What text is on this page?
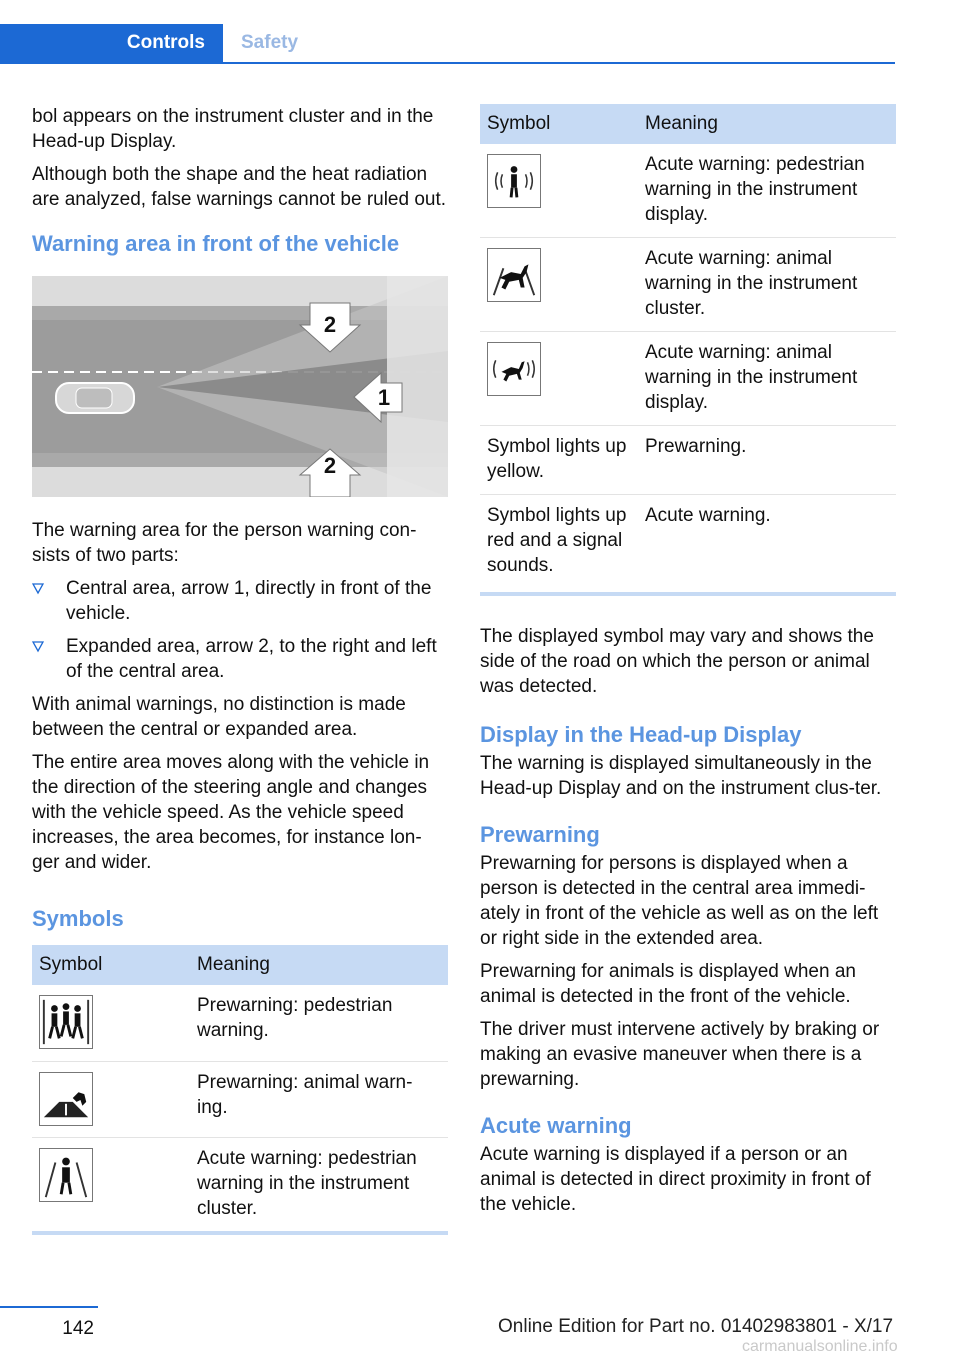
Controls	Safety

bol appears on the instrument cluster and in the Head-up Display.

Although both the shape and the heat radiation are analyzed, false warnings cannot be ruled out.

Warning area in front of the vehicle
2
1
2

The warning area for the person warning con-sists of two parts:

Central area, arrow 1, directly in front of the vehicle.
Expanded area, arrow 2, to the right and left of the central area.

With animal warnings, no distinction is made between the central or expanded area.

The entire area moves along with the vehicle in the direction of the steering angle and changes with the vehicle speed. As the vehicle speed increases, the area becomes, for instance lon-ger and wider.

Symbols
Symbol	Meaning

	Prewarning: pedestrian warning.

	Prewarning: animal warn-ing.

	Acute warning: pedestrian warning in the instrument cluster.
Symbol	Meaning

	Acute warning: pedestrian warning in the instrument display.

	Acute warning: animal warning in the instrument cluster.

	Acute warning: animal warning in the instrument display.
Symbol lights up yellow.	Prewarning.
Symbol lights up red and a signal sounds.	Acute warning.

The displayed symbol may vary and shows the side of the road on which the person or animal was detected.

Display in the Head-up Display

The warning is displayed simultaneously in the Head-up Display and on the instrument clus-ter.

Prewarning

Prewarning for persons is displayed when a person is detected in the central area immedi-ately in front of the vehicle as well as on the left or right side in the extended area.

Prewarning for animals is displayed when an animal is detected in the front of the vehicle.

The driver must intervene actively by braking or making an evasive maneuver when there is a prewarning.

Acute warning

Acute warning is displayed if a person or an animal is detected in direct proximity in front of the vehicle.

142	Online Edition for Part no. 01402983801 - X/17
carmanualsonline.info
